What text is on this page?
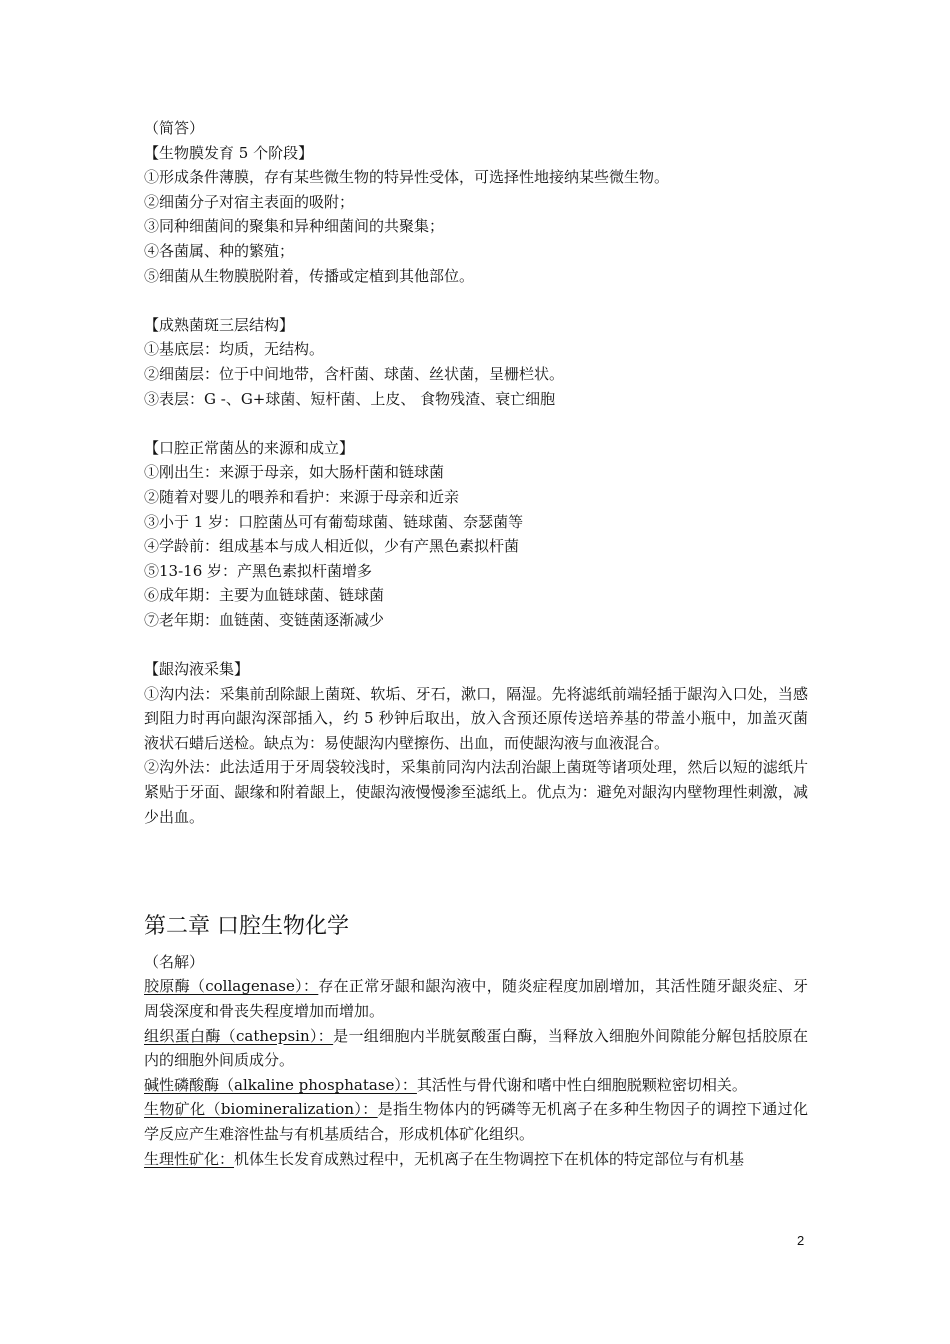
（简答）
【生物膜发育 5 个阶段】
①形成条件薄膜，存有某些微生物的特异性受体，可选择性地接纳某些微生物。
②细菌分子对宿主表面的吸附；
③同种细菌间的聚集和异种细菌间的共聚集；
④各菌属、种的繁殖；
⑤细菌从生物膜脱附着，传播或定植到其他部位。
【成熟菌斑三层结构】
①基底层：均质，无结构。
②细菌层：位于中间地带，含杆菌、球菌、丝状菌，呈栅栏状。
③表层：G -、G+球菌、短杆菌、上皮、 食物残渣、衰亡细胞
【口腔正常菌丛的来源和成立】
①刚出生：来源于母亲，如大肠杆菌和链球菌
②随着对婴儿的喂养和看护：来源于母亲和近亲
③小于 1 岁：口腔菌丛可有葡萄球菌、链球菌、奈瑟菌等
④学龄前：组成基本与成人相近似，少有产黑色素拟杆菌
⑤13-16 岁：产黑色素拟杆菌增多
⑥成年期：主要为血链球菌、链球菌
⑦老年期：血链菌、变链菌逐渐减少
【龈沟液采集】
①沟内法：采集前刮除龈上菌斑、软垢、牙石，漱口，隔湿。先将滤纸前端轻插于龈沟入口处，当感到阻力时再向龈沟深部插入，约 5 秒钟后取出，放入含预还原传送培养基的带盖小瓶中，加盖灭菌液状石蜡后送检。缺点为：易使龈沟内壁擦伤、出血，而使龈沟液与血液混合。
②沟外法：此法适用于牙周袋较浅时，采集前同沟内法刮治龈上菌斑等诸项处理，然后以短的滤纸片紧贴于牙面、龈缘和附着龈上，使龈沟液慢慢渗至滤纸上。优点为：避免对龈沟内壁物理性刺激，减少出血。
第二章 口腔生物化学
（名解）
胶原酶（collagenase）：存在正常牙龈和龈沟液中，随炎症程度加剧增加，其活性随牙龈炎症、牙周袋深度和骨丧失程度增加而增加。
组织蛋白酶（cathepsin）：是一组细胞内半胱氨酸蛋白酶，当释放入细胞外间隙能分解包括胶原在内的细胞外间质成分。
碱性磷酸酶（alkaline phosphatase）：其活性与骨代谢和嗜中性白细胞脱颗粒密切相关。
生物矿化（biomineralization）：是指生物体内的钙磷等无机离子在多种生物因子的调控下通过化学反应产生难溶性盐与有机基质结合，形成机体矿化组织。
生理性矿化：机体生长发育成熟过程中，无机离子在生物调控下在机体的特定部位与有机基
2
